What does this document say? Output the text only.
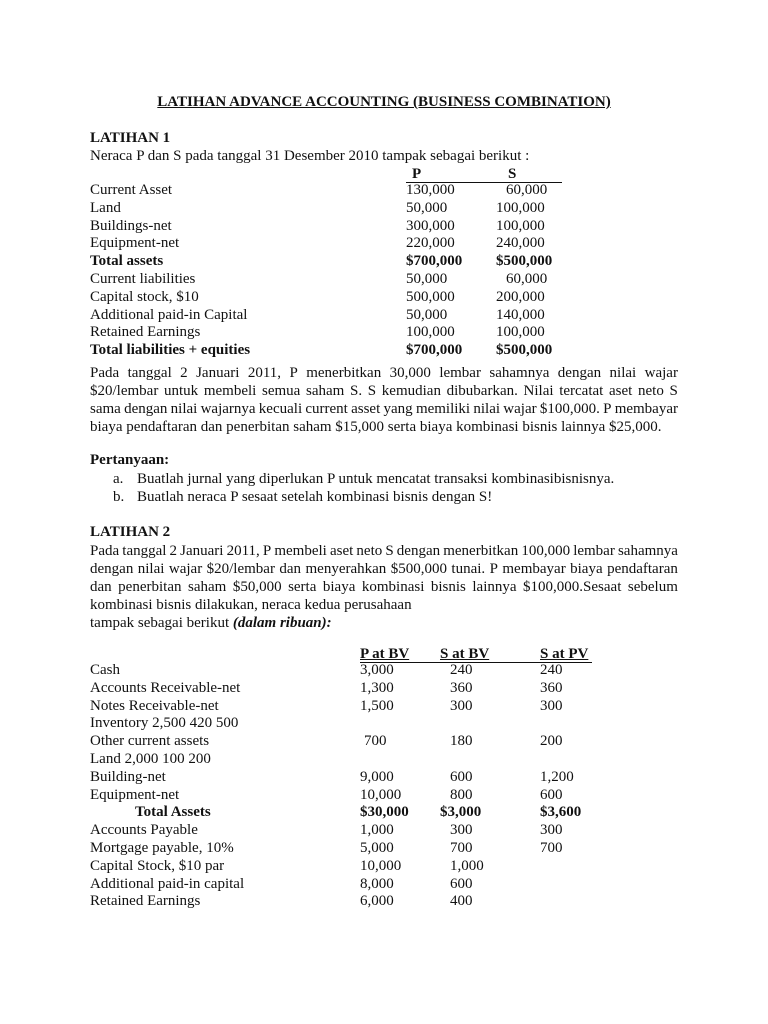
LATIHAN ADVANCE ACCOUNTING (BUSINESS COMBINATION)
LATIHAN 1
Neraca P dan S pada tanggal 31 Desember 2010 tampak sebagai berikut :
P	S
Current Asset	130,000	60,000
Land	50,000	100,000
Buildings-net	300,000	100,000
Equipment-net	220,000	240,000
Total assets	$700,000 $500,000
Current liabilities	50,000	60,000
Capital stock, $10	500,000	200,000
Additional paid-in Capital	50,000	140,000
Retained Earnings	100,000	100,000
Total liabilities + equities	$700,000 $500,000
Pada tanggal 2 Januari 2011, P menerbitkan 30,000 lembar sahamnya dengan nilai wajar
$20/lembar untuk membeli semua saham S. S kemudian dibubarkan. Nilai tercatat aset neto S
sama dengan nilai wajarnya kecuali current asset yang memiliki nilai wajar $100,000. P membayar
biaya pendaftaran dan penerbitan saham $15,000 serta biaya kombinasi bisnis lainnya $25,000.
Pertanyaan:
a. Buatlah jurnal yang diperlukan P untuk mencatat transaksi kombinasibisnisnya.
b. Buatlah neraca P sesaat setelah kombinasi bisnis dengan S!
LATIHAN 2
Pada tanggal 2 Januari 2011, P membeli aset neto S dengan menerbitkan 100,000 lembar sahamnya
dengan nilai wajar $20/lembar dan menyerahkan $500,000 tunai. P membayar biaya pendaftaran
dan penerbitan saham $50,000 serta biaya kombinasi bisnis lainnya $100,000.Sesaat sebelum
kombinasi bisnis dilakukan, neraca kedua perusahaan
tampak sebagai berikut (dalam ribuan):
P at BV S at BV	S at PV
Cash	3,000	240	240
Accounts Receivable-net	1,300	360	360
Notes Receivable-net	1,500	300	300
Inventory 2,500 420 500
Other current assets	700	180	200
Land 2,000 100 200
Building-net	9,000	600	1,200
Equipment-net	10,000	800	600
Total Assets	$30,000 $3,000	$3,600
Accounts Payable	1,000	300	300
Mortgage payable, 10%	5,000	700	700
Capital Stock, $10 par	10,000	1,000
Additional paid-in capital	8,000	600
Retained Earnings	6,000	400
